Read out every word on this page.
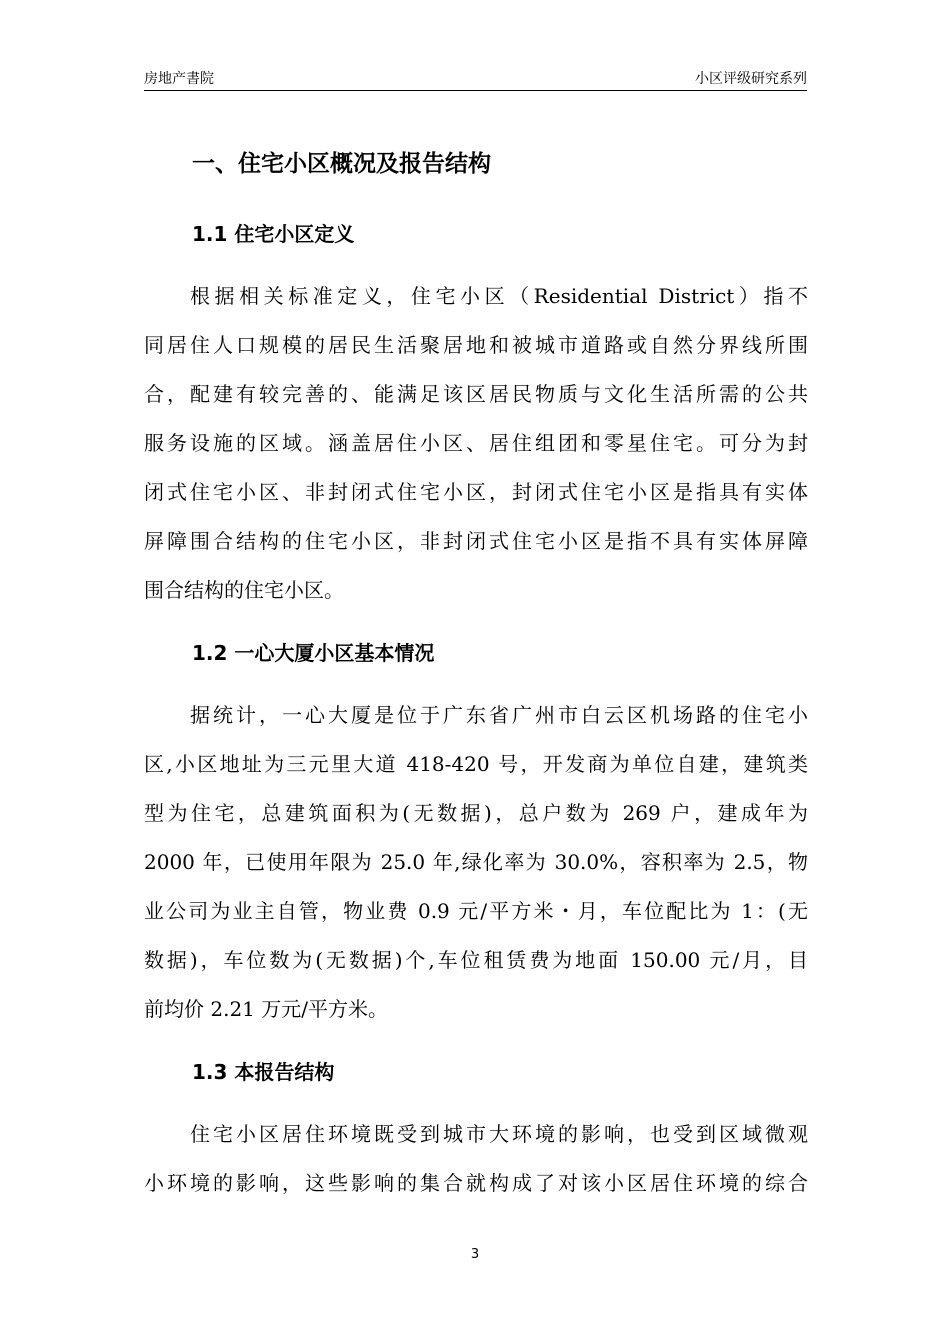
房地产書院	小区评级研究系列
一、住宅小区概况及报告结构
1.1 住宅小区定义
根据相关标准定义，住宅小区（Residential District）指不
同居住人口规模的居民生活聚居地和被城市道路或自然分界线所围
合，配建有较完善的、能满足该区居民物质与文化生活所需的公共
服务设施的区域。涵盖居住小区、居住组团和零星住宅。可分为封
闭式住宅小区、非封闭式住宅小区，封闭式住宅小区是指具有实体
屏障围合结构的住宅小区，非封闭式住宅小区是指不具有实体屏障
围合结构的住宅小区。
1.2 一心大厦小区基本情况
据统计，一心大厦是位于广东省广州市白云区机场路的住宅小
区,小区地址为三元里大道 418-420 号，开发商为单位自建，建筑类
型为住宅，总建筑面积为(无数据)，总户数为 269 户，建成年为
2000 年，已使用年限为 25.0 年,绿化率为 30.0%，容积率为 2.5，物
业公司为业主自管，物业费 0.9 元/平方米・月，车位配比为 1：(无
数据)，车位数为(无数据)个,车位租赁费为地面 150.00 元/月，目
前均价 2.21 万元/平方米。
1.3 本报告结构
住宅小区居住环境既受到城市大环境的影响，也受到区域微观
小环境的影响，这些影响的集合就构成了对该小区居住环境的综合
3
